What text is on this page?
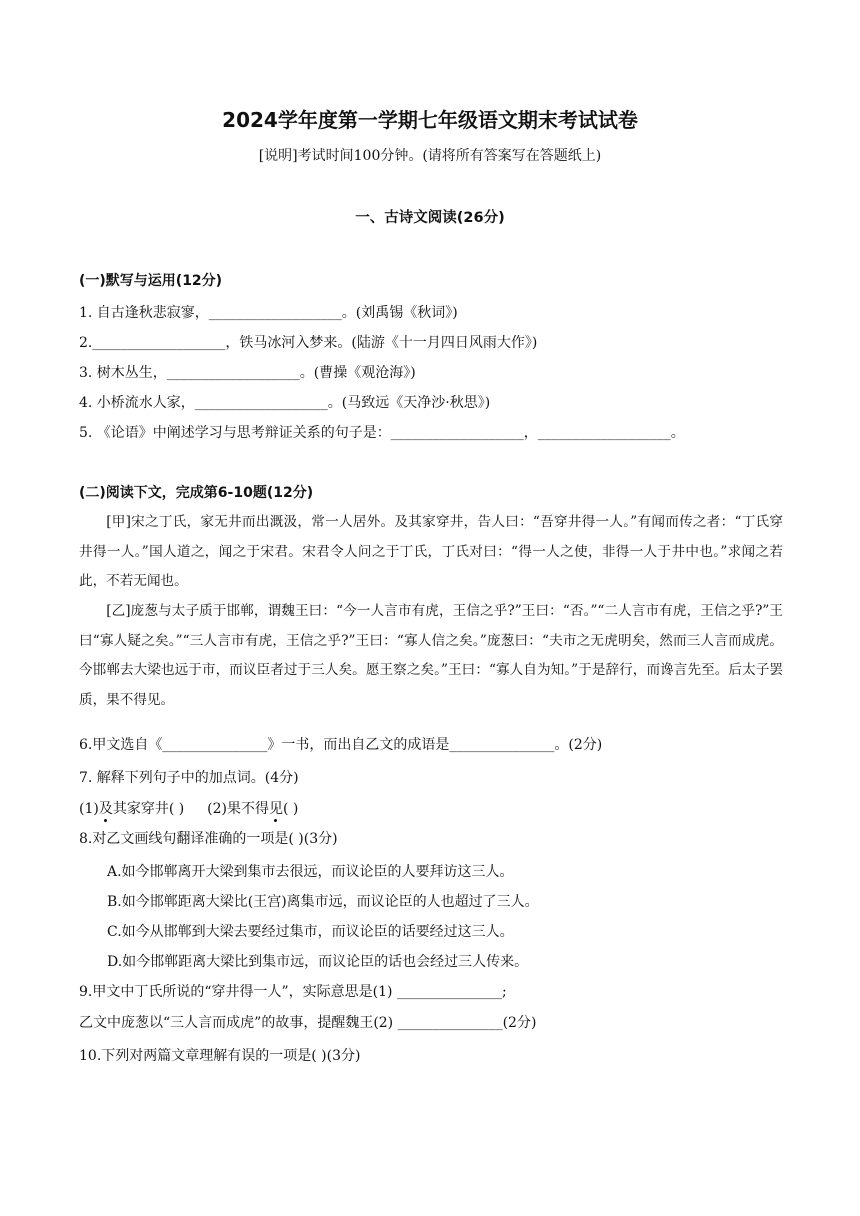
2024学年度第一学期七年级语文期末考试试卷
[说明]考试时间100分钟。(请将所有答案写在答题纸上)
一、古诗文阅读(26分)
(一)默写与运用(12分)
1. 自古逢秋悲寂寥，___________________。(刘禹锡《秋词》)
2.___________________，铁马冰河入梦来。(陆游《十一月四日风雨大作》)
3. 树木丛生，___________________。(曹操《观沧海》)
4. 小桥流水人家，___________________。(马致远《天净沙·秋思》)
5. 《论语》中阐述学习与思考辩证关系的句子是：___________________，___________________。
(二)阅读下文，完成第6-10题(12分)
[甲]宋之丁氏，家无井而出溉汲，常一人居外。及其家穿井，告人曰：“吾穿井得一人。”有闻而传之者：“丁氏穿井得一人。”国人道之，闻之于宋君。宋君令人问之于丁氏，丁氏对曰：“得一人之使，非得一人于井中也。”求闻之若此，不若无闻也。
[乙]庞葱与太子质于邯郸，谓魏王曰：“今一人言市有虎，王信之乎?”王曰：“否。”“二人言市有虎，王信之乎?”王曰“寡人疑之矣。”“三人言市有虎，王信之乎?”王曰：“寡人信之矣。”庞葱曰：“夫市之无虎明矣，然而三人言而成虎。今邯郸去大梁也远于市，而议臣者过于三人矣。愿王察之矣。”王曰：“寡人自为知。”于是辞行，而谗言先至。后太子罢质，果不得见。
6.甲文选自《_______________》一书，而出自乙文的成语是_______________。(2分)
7. 解释下列句子中的加点词。(4分)
(1)及其家穿井( ) (2)果不得见( )
8.对乙文画线句翻译准确的一项是( )(3分)
A.如今邯郸离开大梁到集市去很远，而议论臣的人要拜访这三人。
B.如今邯郸距离大梁比(王宫)离集市远，而议论臣的人也超过了三人。
C.如今从邯郸到大梁去要经过集市，而议论臣的话要经过这三人。
D.如今邯郸距离大梁比到集市远，而议论臣的话也会经过三人传来。
9.甲文中丁氏所说的“穿井得一人”，实际意思是(1) _______________;
乙文中庞葱以“三人言而成虎”的故事，提醒魏王(2) _______________(2分)
10.下列对两篇文章理解有误的一项是( )(3分)
